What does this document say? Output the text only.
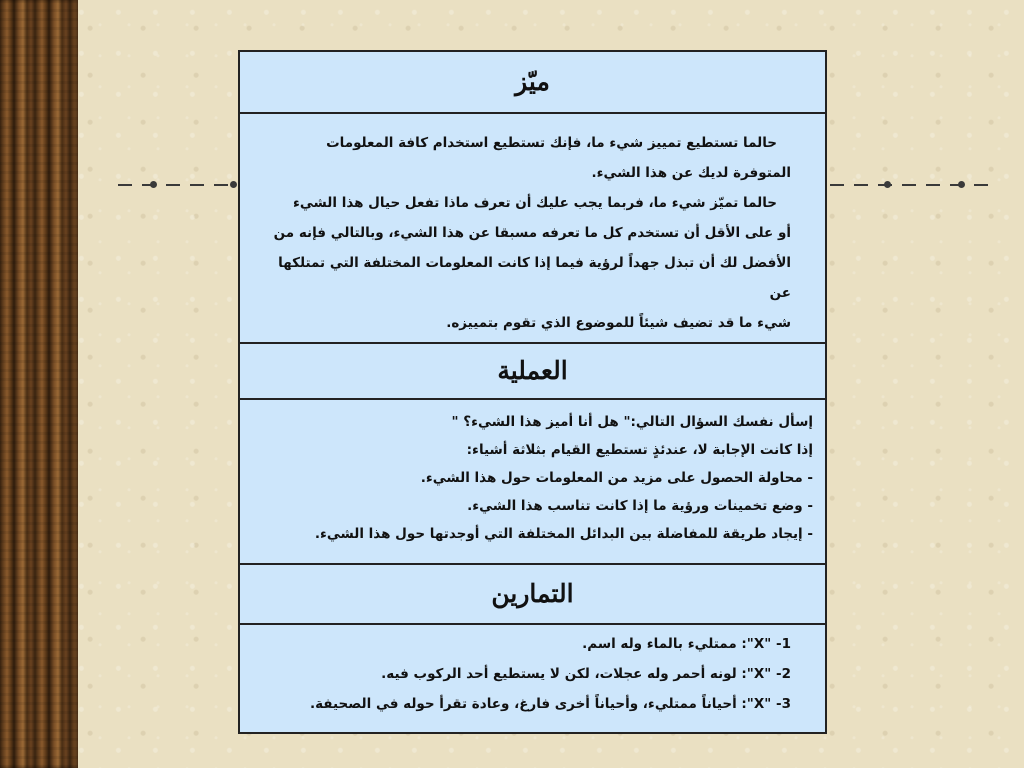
ميّز

حالما تستطيع تمييز شيء ما، فإنك تستطيع استخدام كافة المعلومات

المتوفرة لديك عن هذا الشيء.

حالما تميّز شيء ما، فربما يجب عليك أن تعرف ماذا تفعل حيال هذا الشيء

أو على الأقل أن تستخدم كل ما تعرفه مسبقا عن هذا الشيء، وبالتالي فإنه من

الأفضل لك أن تبذل جهداً لرؤية فيما إذا كانت المعلومات المختلفة التي تمتلكها عن

شيء ما قد تضيف شيئاً للموضوع الذي تقوم بتمييزه.

العملية

إسأل نفسك السؤال التالي:" هل أنا أميز هذا الشيء؟ "

إذا كانت الإجابة لا، عندئذٍ تستطيع القيام بثلاثة أشياء:

- محاولة الحصول على مزيد من المعلومات حول هذا الشيء.

- وضع تخمينات ورؤية ما إذا كانت تناسب هذا الشيء.

- إيجاد طريقة للمفاضلة بين البدائل المختلفة التي أوجدتها حول هذا الشيء.

التمارين

1- "X": ممتليء بالماء وله اسم.

2- "X": لونه أحمر وله عجلات، لكن لا يستطيع أحد الركوب فيه.

3- "X": أحياناً ممتليء، وأحياناً أخرى فارغ، وعادة تقرأ حوله في الصحيفة.
